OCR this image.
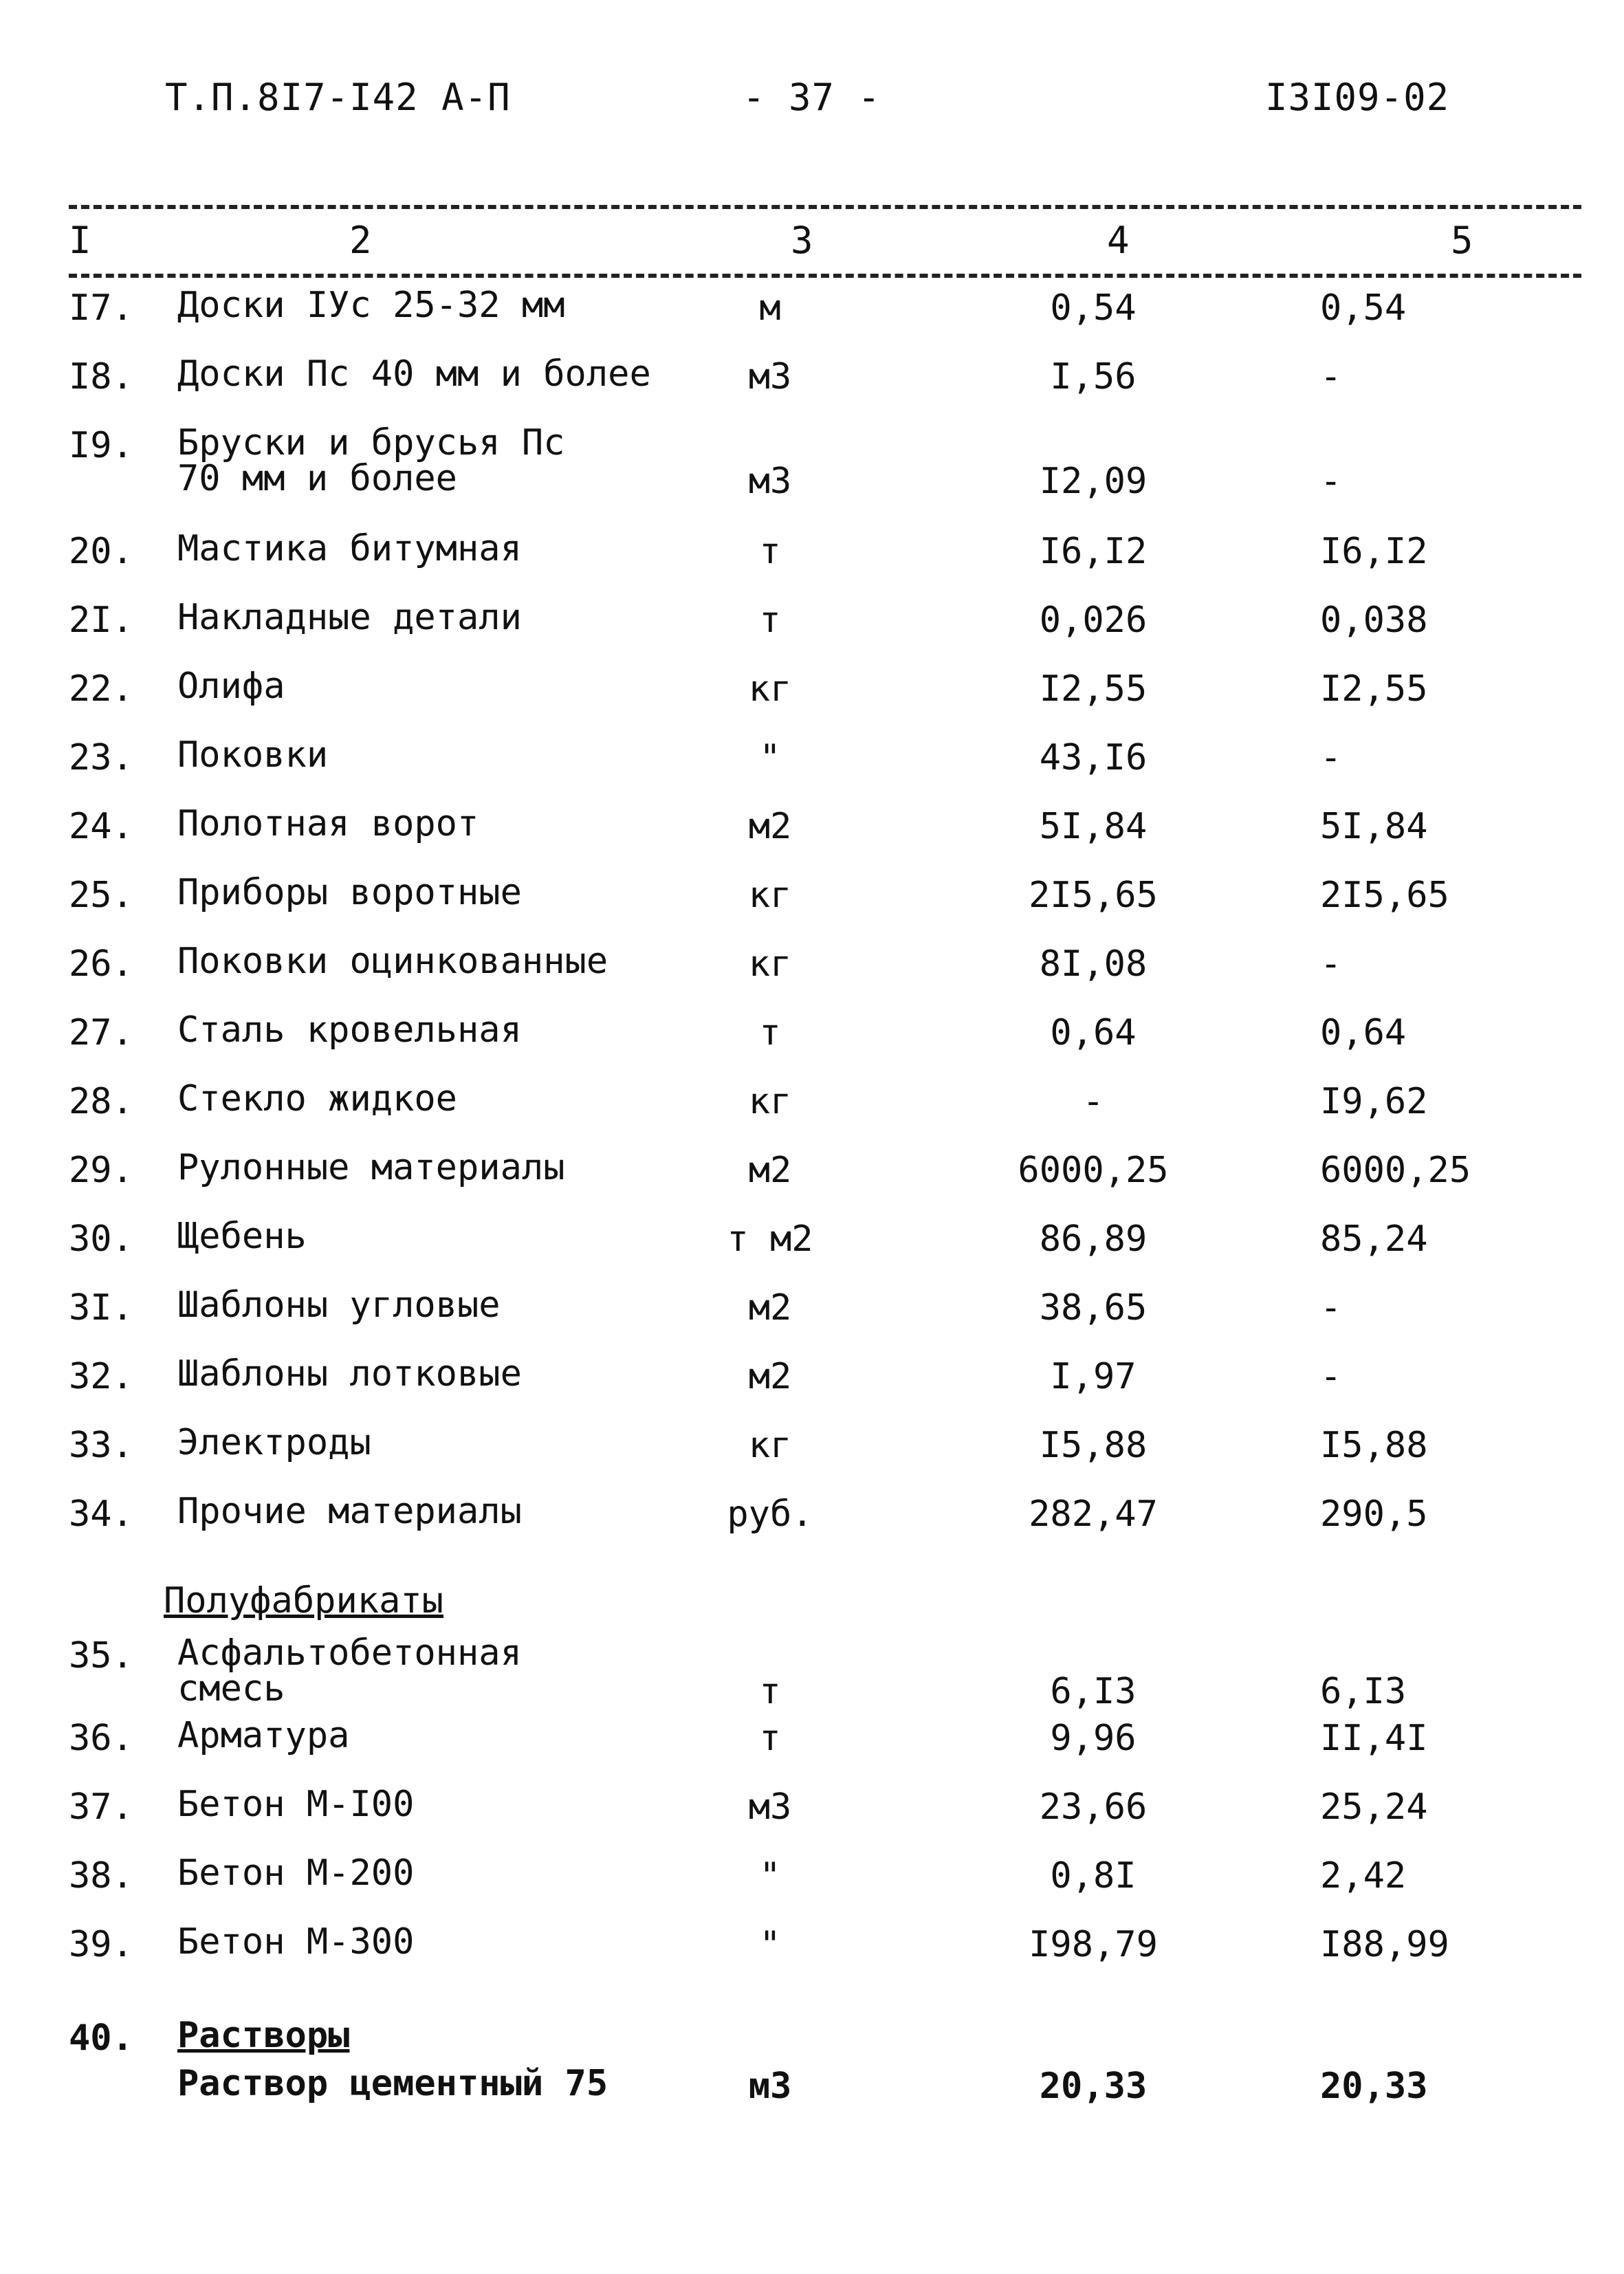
Т.П.8I7-I42 А-П	- 37 -	I3I09-02
I	2	3	4	5
I7.	Доски IУс 25-32 мм	м	0,54	0,54
I8.	Доски Пс 40 мм и более	м3	I,56	-
I9.	Бруски и брусья Пс
70 мм и более	м3	I2,09	-
20.	Мастика битумная	т	I6,I2	I6,I2
2I.	Накладные детали	т	0,026	0,038
22.	Олифа	кг	I2,55	I2,55
23.	Поковки	"	43,I6	-
24.	Полотная ворот	м2	5I,84	5I,84
25.	Приборы воротные	кг	2I5,65	2I5,65
26.	Поковки оцинкованные	кг	8I,08	-
27.	Сталь кровельная	т	0,64	0,64
28.	Стекло жидкое	кг	-	I9,62
29.	Рулонные материалы	м2	6000,25	6000,25
30.	Щебень	т м2	86,89	85,24
3I.	Шаблоны угловые	м2	38,65	-
32.	Шаблоны лотковые	м2	I,97	-
33.	Электроды	кг	I5,88	I5,88
34.	Прочие материалы	руб.	282,47	290,5
Полуфабрикаты
35.	Асфальтобетонная
смесь	т	6,I3	6,I3
36.	Арматура	т	9,96	II,4I
37.	Бетон М-I00	м3	23,66	25,24
38.	Бетон М-200	"	0,8I	2,42
39.	Бетон М-300	"	I98,79	I88,99
40.	Растворы
Раствор цементный 75	м3	20,33	20,33
